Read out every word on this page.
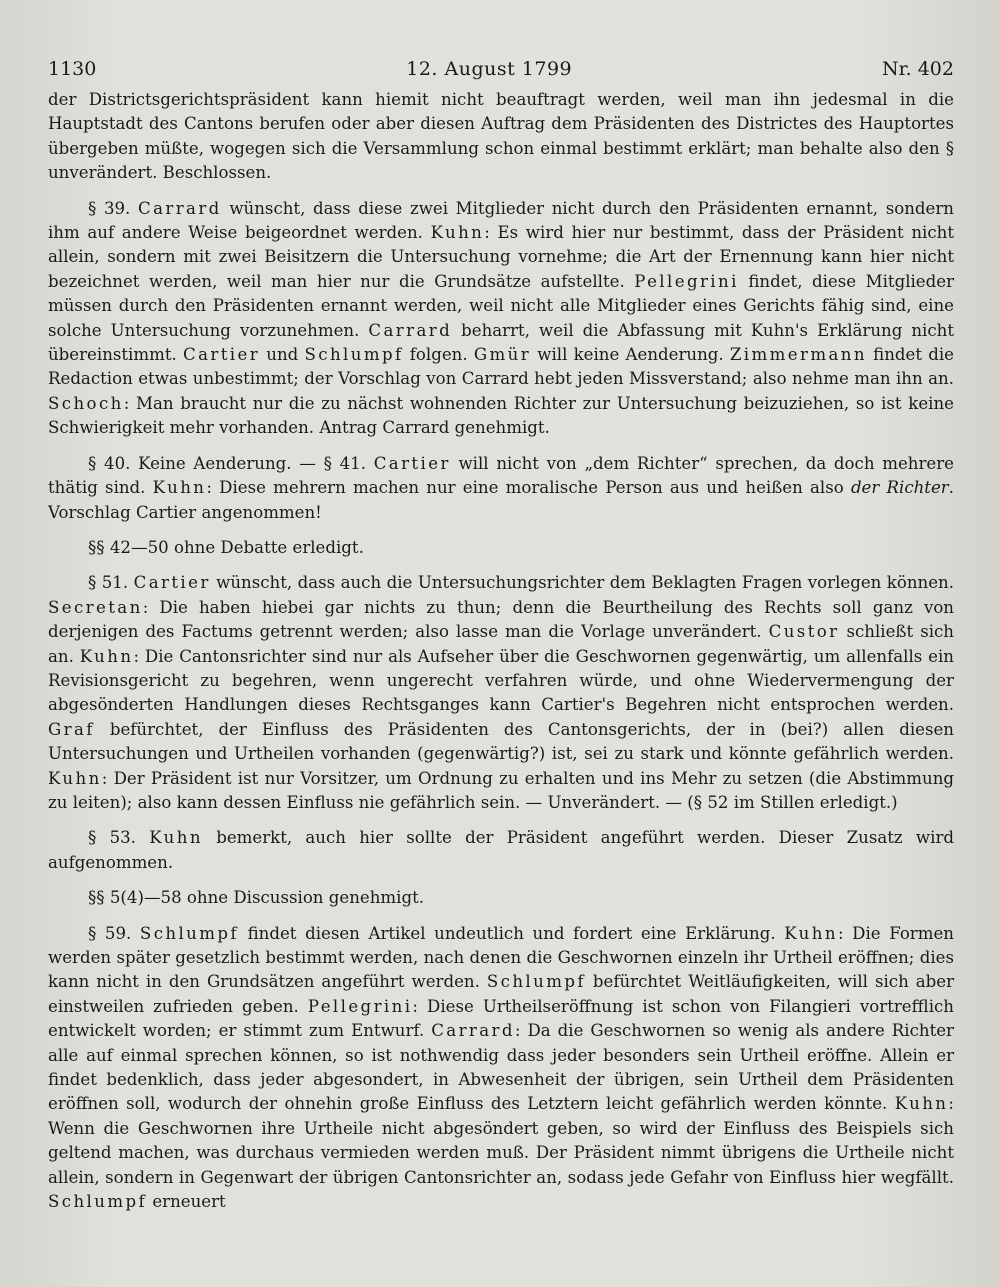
1130	12. August 1799	Nr. 402

der Districtsgerichtspräsident kann hiemit nicht beauftragt werden, weil man ihn jedesmal in die Hauptstadt des Cantons berufen oder aber diesen Auftrag dem Präsidenten des Districtes des Hauptortes übergeben müßte, wogegen sich die Versammlung schon einmal bestimmt erklärt; man behalte also den § unverändert. Beschlossen.

§ 39. Carrard wünscht, dass diese zwei Mitglieder nicht durch den Präsidenten ernannt, sondern ihm auf andere Weise beigeordnet werden. Kuhn: Es wird hier nur bestimmt, dass der Präsident nicht allein, sondern mit zwei Beisitzern die Untersuchung vornehme; die Art der Ernennung kann hier nicht bezeichnet werden, weil man hier nur die Grundsätze aufstellte. Pellegrini findet, diese Mitglieder müssen durch den Präsidenten ernannt werden, weil nicht alle Mitglieder eines Gerichts fähig sind, eine solche Untersuchung vorzunehmen. Carrard beharrt, weil die Abfassung mit Kuhn's Erklärung nicht übereinstimmt. Cartier und Schlumpf folgen. Gmür will keine Aenderung. Zimmermann findet die Redaction etwas unbestimmt; der Vorschlag von Carrard hebt jeden Missverstand; also nehme man ihn an. Schoch: Man braucht nur die zu nächst wohnenden Richter zur Untersuchung beizuziehen, so ist keine Schwierigkeit mehr vorhanden. Antrag Carrard genehmigt.

§ 40. Keine Aenderung. — § 41. Cartier will nicht von „dem Richter“ sprechen, da doch mehrere thätig sind. Kuhn: Diese mehrern machen nur eine moralische Person aus und heißen also der Richter. Vorschlag Cartier angenommen!

§§ 42—50 ohne Debatte erledigt.

§ 51. Cartier wünscht, dass auch die Untersuchungsrichter dem Beklagten Fragen vorlegen können. Secretan: Die haben hiebei gar nichts zu thun; denn die Beurtheilung des Rechts soll ganz von derjenigen des Factums getrennt werden; also lasse man die Vorlage unverändert. Custor schließt sich an. Kuhn: Die Cantonsrichter sind nur als Aufseher über die Geschwornen gegenwärtig, um allenfalls ein Revisionsgericht zu begehren, wenn ungerecht verfahren würde, und ohne Wiedervermengung der abgesönderten Handlungen dieses Rechtsganges kann Cartier's Begehren nicht entsprochen werden. Graf befürchtet, der Einfluss des Präsidenten des Cantonsgerichts, der in (bei?) allen diesen Untersuchungen und Urtheilen vorhanden (gegenwärtig?) ist, sei zu stark und könnte gefährlich werden. Kuhn: Der Präsident ist nur Vorsitzer, um Ordnung zu erhalten und ins Mehr zu setzen (die Abstimmung zu leiten); also kann dessen Einfluss nie gefährlich sein. — Unverändert. — (§ 52 im Stillen erledigt.)

§ 53. Kuhn bemerkt, auch hier sollte der Präsident angeführt werden. Dieser Zusatz wird aufgenommen.

§§ 5(4)—58 ohne Discussion genehmigt.

§ 59. Schlumpf findet diesen Artikel undeutlich und fordert eine Erklärung. Kuhn: Die Formen werden später gesetzlich bestimmt werden, nach denen die Geschwornen einzeln ihr Urtheil eröffnen; dies kann nicht in den Grundsätzen angeführt werden. Schlumpf befürchtet Weitläufigkeiten, will sich aber einstweilen zufrieden geben. Pellegrini: Diese Urtheilseröffnung ist schon von Filangieri vortrefflich entwickelt worden; er stimmt zum Entwurf. Carrard: Da die Geschwornen so wenig als andere Richter alle auf einmal sprechen können, so ist nothwendig dass jeder besonders sein Urtheil eröffne. Allein er findet bedenklich, dass jeder abgesondert, in Abwesenheit der übrigen, sein Urtheil dem Präsidenten eröffnen soll, wodurch der ohnehin große Einfluss des Letztern leicht gefährlich werden könnte. Kuhn: Wenn die Geschwornen ihre Urtheile nicht abgesöndert geben, so wird der Einfluss des Beispiels sich geltend machen, was durchaus vermieden werden muß. Der Präsident nimmt übrigens die Urtheile nicht allein, sondern in Gegenwart der übrigen Cantonsrichter an, sodass jede Gefahr von Einfluss hier wegfällt. Schlumpf erneuert
